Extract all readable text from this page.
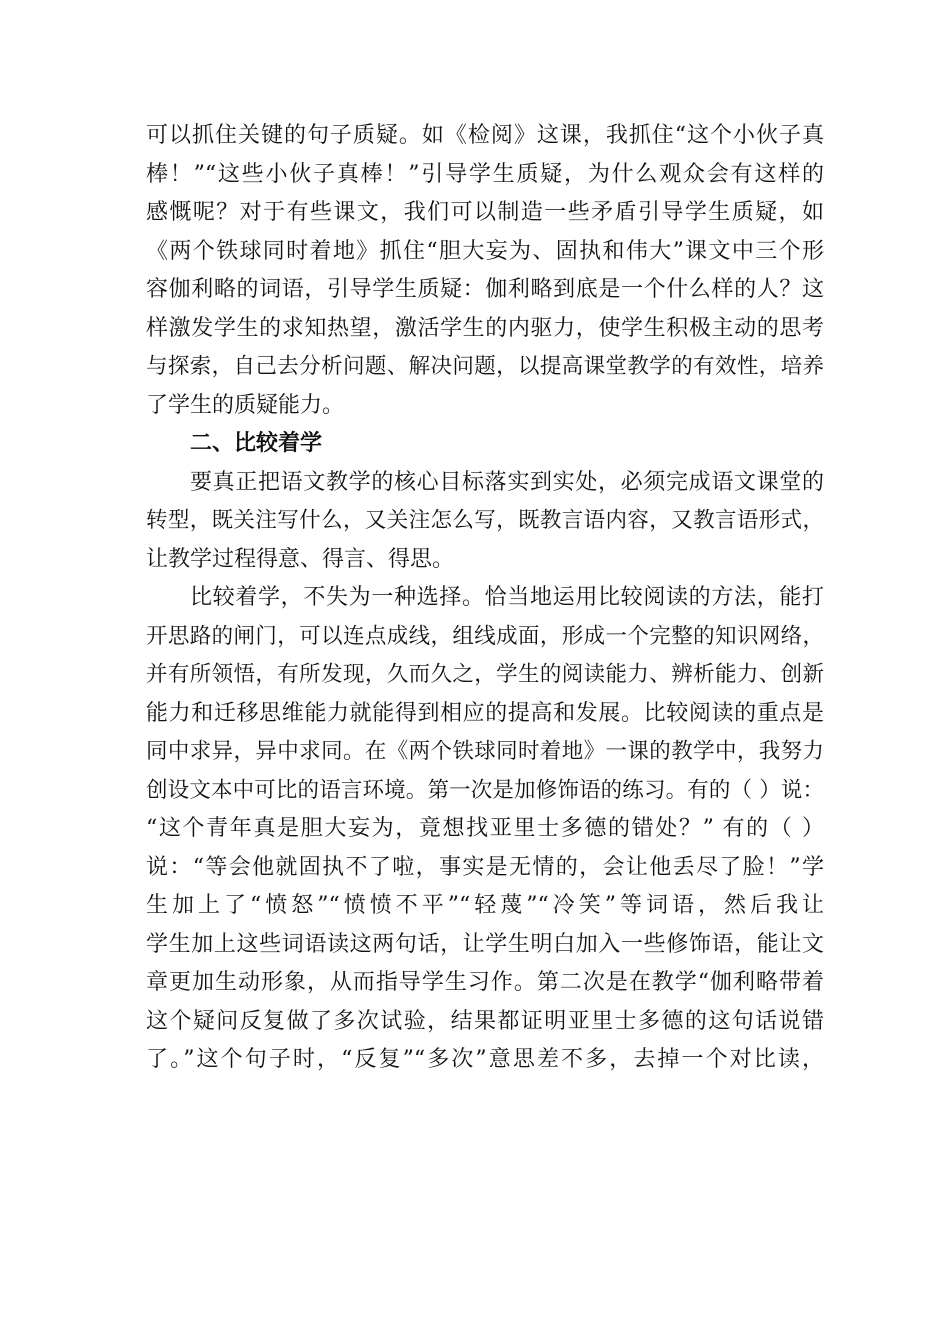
可以抓住关键的句子质疑。如《检阅》这课，我抓住“这个小伙子真
棒！”“这些小伙子真棒！”引导学生质疑，为什么观众会有这样的
感慨呢？对于有些课文，我们可以制造一些矛盾引导学生质疑，如
《两个铁球同时着地》抓住“胆大妄为、固执和伟大”课文中三个形
容伽利略的词语，引导学生质疑：伽利略到底是一个什么样的人？这
样激发学生的求知热望，激活学生的内驱力，使学生积极主动的思考
与探索，自己去分析问题、解决问题，以提高课堂教学的有效性，培养
了学生的质疑能力。
二、比较着学
要真正把语文教学的核心目标落实到实处，必须完成语文课堂的
转型，既关注写什么，又关注怎么写，既教言语内容，又教言语形式，
让教学过程得意、得言、得思。
比较着学，不失为一种选择。恰当地运用比较阅读的方法，能打
开思路的闸门，可以连点成线，组线成面，形成一个完整的知识网络，
并有所领悟，有所发现，久而久之，学生的阅读能力、辨析能力、创新
能力和迁移思维能力就能得到相应的提高和发展。比较阅读的重点是
同中求异，异中求同。在《两个铁球同时着地》一课的教学中，我努力
创设文本中可比的语言环境。第一次是加修饰语的练习。有的（ ）说：
“这个青年真是胆大妄为，竟想找亚里士多德的错处？” 有的（ ）
说：“等会他就固执不了啦，事实是无情的，会让他丢尽了脸！”学
生加上了“愤怒”“愤愤不平”“轻蔑”“冷笑”等词语，然后我让
学生加上这些词语读这两句话，让学生明白加入一些修饰语，能让文
章更加生动形象，从而指导学生习作。第二次是在教学“伽利略带着
这个疑问反复做了多次试验，结果都证明亚里士多德的这句话说错
了。”这个句子时，“反复”“多次”意思差不多，去掉一个对比读，
